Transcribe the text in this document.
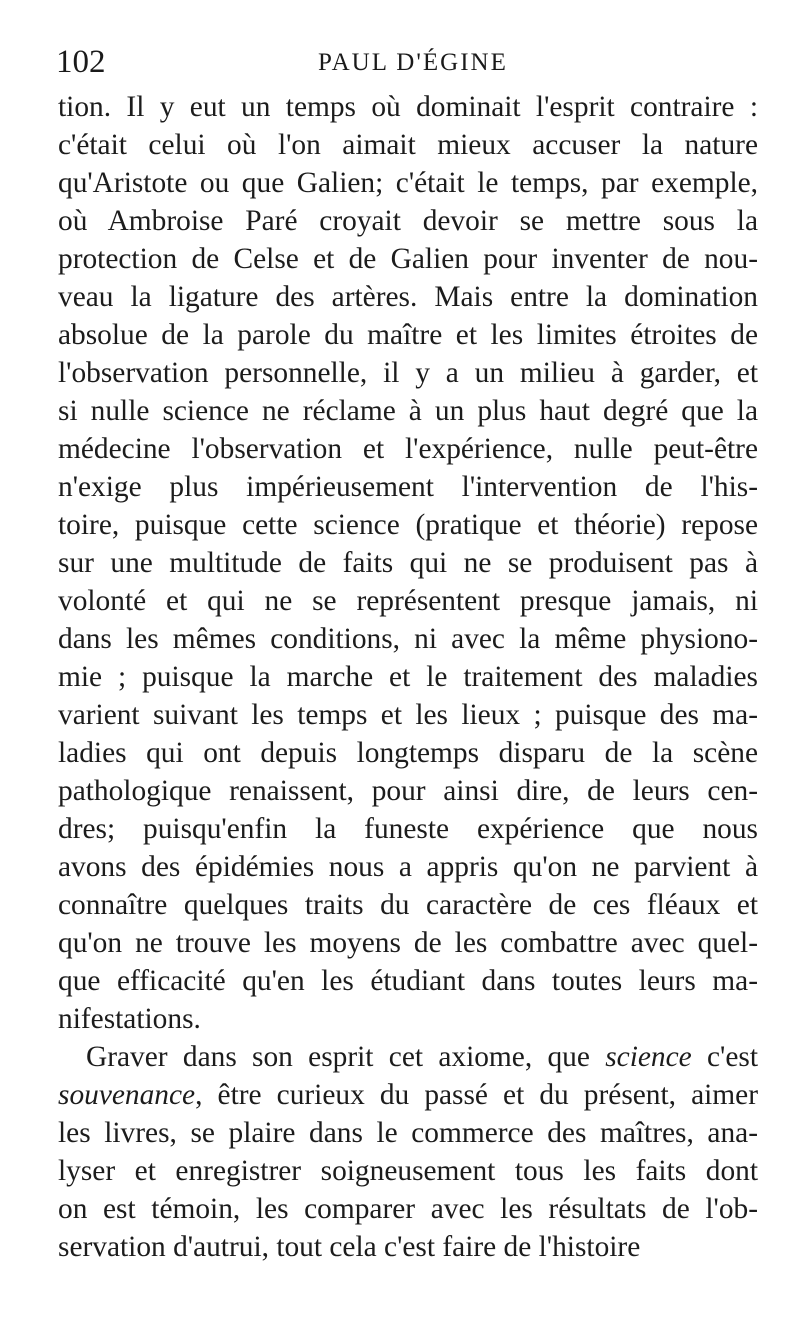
102	PAUL D'ÉGINE
tion. Il y eut un temps où dominait l'esprit contraire :
c'était celui où l'on aimait mieux accuser la nature
qu'Aristote ou que Galien; c'était le temps, par exemple,
où Ambroise Paré croyait devoir se mettre sous la
protection de Celse et de Galien pour inventer de nou-
veau la ligature des artères. Mais entre la domination
absolue de la parole du maître et les limites étroites de
l'observation personnelle, il y a un milieu à garder, et
si nulle science ne réclame à un plus haut degré que la
médecine l'observation et l'expérience, nulle peut-être
n'exige plus impérieusement l'intervention de l'his-
toire, puisque cette science (pratique et théorie) repose
sur une multitude de faits qui ne se produisent pas à
volonté et qui ne se représentent presque jamais, ni
dans les mêmes conditions, ni avec la même physiono-
mie ; puisque la marche et le traitement des maladies
varient suivant les temps et les lieux ; puisque des ma-
ladies qui ont depuis longtemps disparu de la scène
pathologique renaissent, pour ainsi dire, de leurs cen-
dres; puisqu'enfin la funeste expérience que nous
avons des épidémies nous a appris qu'on ne parvient à
connaître quelques traits du caractère de ces fléaux et
qu'on ne trouve les moyens de les combattre avec quel-
que efficacité qu'en les étudiant dans toutes leurs ma-
nifestations.
Graver dans son esprit cet axiome, que science c'est
souvenance, être curieux du passé et du présent, aimer
les livres, se plaire dans le commerce des maîtres, ana-
lyser et enregistrer soigneusement tous les faits dont
on est témoin, les comparer avec les résultats de l'ob-
servation d'autrui, tout cela c'est faire de l'histoire
